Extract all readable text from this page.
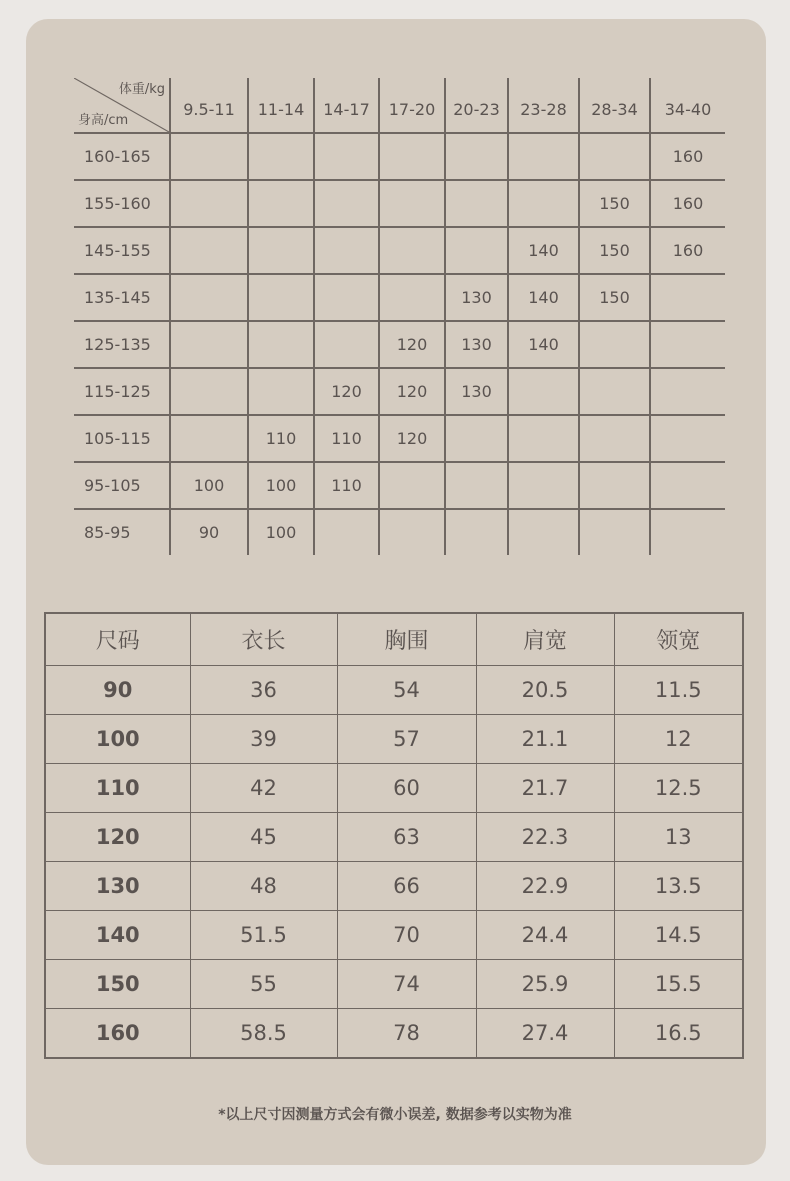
体重/kg
身高/cm	9.5-11	11-14	14-17	17-20	20-23	23-28	28-34	34-40
160-165								160
155-160							150	160
145-155						140	150	160
135-145					130	140	150	
125-135				120	130	140		
115-125			120	120	130			
105-115		110	110	120				
95-105	100	100	110					
85-95	90	100						
尺码	衣长	胸围	肩宽	领宽
90	36	54	20.5	11.5
100	39	57	21.1	12
110	42	60	21.7	12.5
120	45	63	22.3	13
130	48	66	22.9	13.5
140	51.5	70	24.4	14.5
150	55	74	25.9	15.5
160	58.5	78	27.4	16.5
*以上尺寸因测量方式会有微小误差, 数据参考以实物为准
